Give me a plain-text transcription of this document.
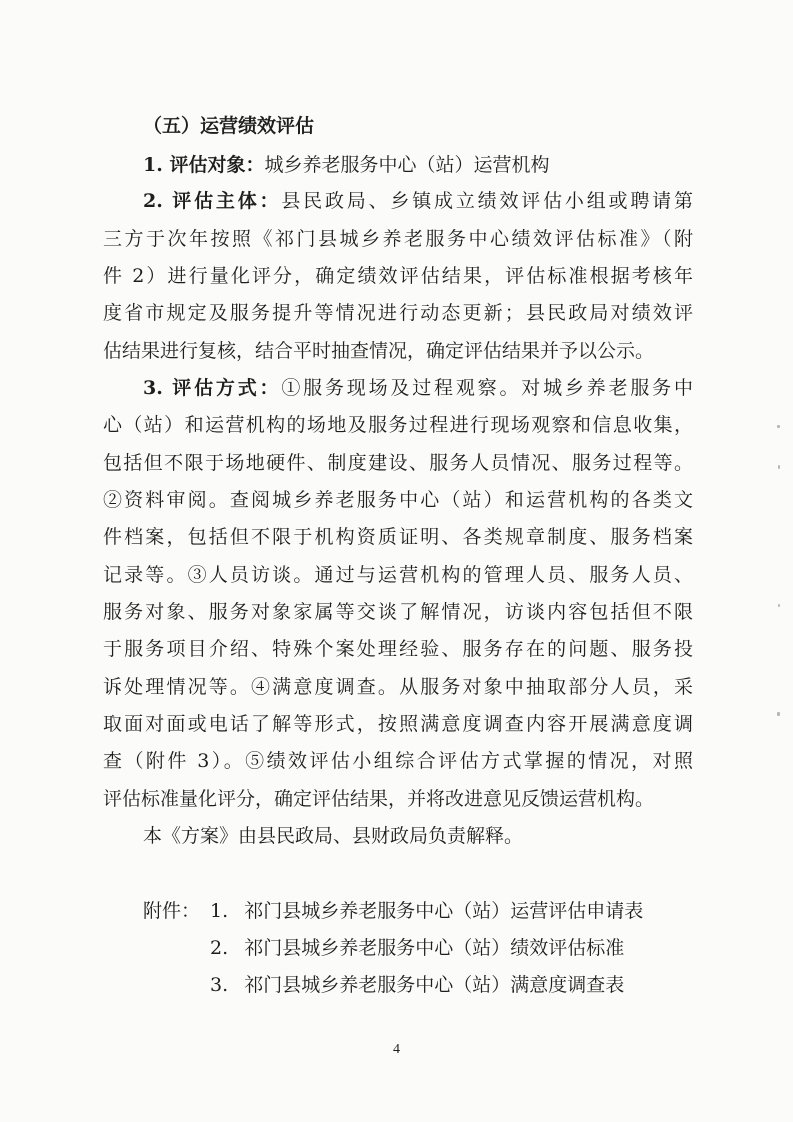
（五）运营绩效评估
1. 评估对象：城乡养老服务中心（站）运营机构
2. 评估主体：县民政局、乡镇成立绩效评估小组或聘请第
三方于次年按照《祁门县城乡养老服务中心绩效评估标准》（附
件 2）进行量化评分，确定绩效评估结果，评估标准根据考核年
度省市规定及服务提升等情况进行动态更新；县民政局对绩效评
估结果进行复核，结合平时抽查情况，确定评估结果并予以公示。
3. 评估方式：①服务现场及过程观察。对城乡养老服务中
心（站）和运营机构的场地及服务过程进行现场观察和信息收集，
包括但不限于场地硬件、制度建设、服务人员情况、服务过程等。
②资料审阅。查阅城乡养老服务中心（站）和运营机构的各类文
件档案，包括但不限于机构资质证明、各类规章制度、服务档案
记录等。③人员访谈。通过与运营机构的管理人员、服务人员、
服务对象、服务对象家属等交谈了解情况，访谈内容包括但不限
于服务项目介绍、特殊个案处理经验、服务存在的问题、服务投
诉处理情况等。④满意度调查。从服务对象中抽取部分人员，采
取面对面或电话了解等形式，按照满意度调查内容开展满意度调
查（附件 3）。⑤绩效评估小组综合评估方式掌握的情况，对照
评估标准量化评分，确定评估结果，并将改进意见反馈运营机构。
本《方案》由县民政局、县财政局负责解释。
附件： 1. 祁门县城乡养老服务中心（站）运营评估申请表
2. 祁门县城乡养老服务中心（站）绩效评估标准
3. 祁门县城乡养老服务中心（站）满意度调查表
4
